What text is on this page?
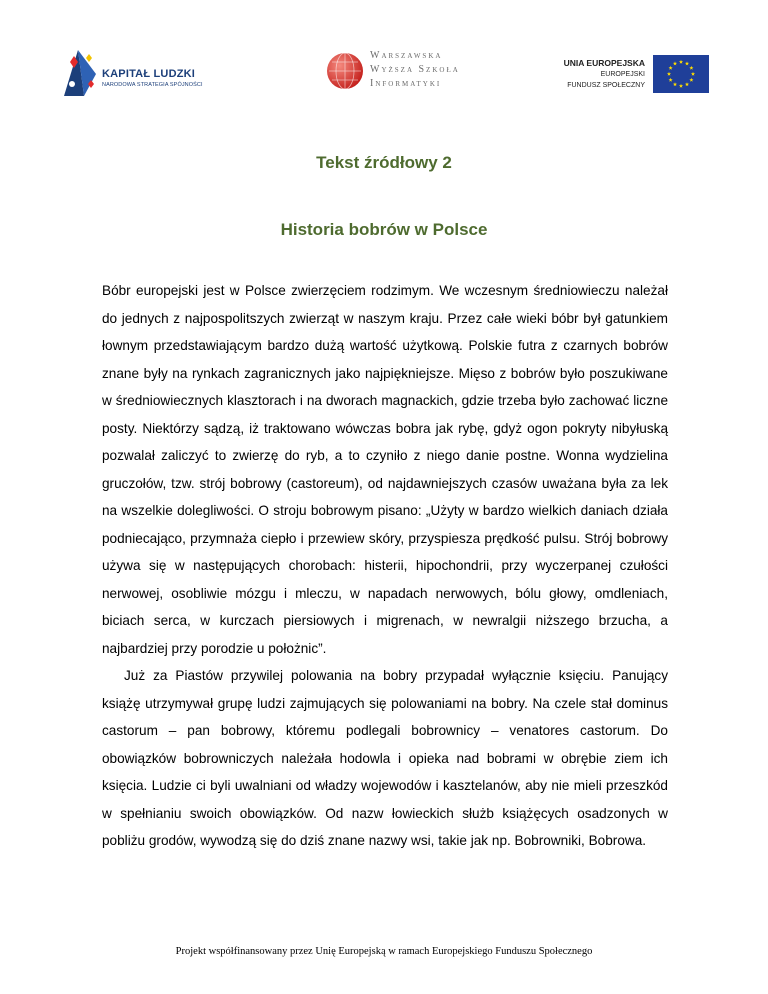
KAPITAŁ LUDZKI
NARODOWA STRATEGIA SPÓJNOŚCI
Warszawska
Wyższa Szkoła
Informatyki
UNIA EUROPEJSKA
EUROPEJSKI
FUNDUSZ SPOŁECZNY
Tekst źródłowy 2
Historia bobrów w Polsce

Bóbr europejski jest w Polsce zwierzęciem rodzimym. We wczesnym średniowieczu należał do jednych z najpospolitszych zwierząt w naszym kraju. Przez całe wieki bóbr był gatunkiem łownym przedstawiającym bardzo dużą wartość użytkową. Polskie futra z czarnych bobrów znane były na rynkach zagranicznych jako najpiękniejsze. Mięso z bobrów było poszukiwane w średniowiecznych klasztorach i na dworach magnackich, gdzie trzeba było zachować liczne posty. Niektórzy sądzą, iż traktowano wówczas bobra jak rybę, gdyż ogon pokryty nibyłuską pozwalał zaliczyć to zwierzę do ryb, a to czyniło z niego danie postne. Wonna wydzielina gruczołów, tzw. strój bobrowy (castoreum), od najdawniejszych czasów uważana była za lek na wszelkie dolegliwości. O stroju bobrowym pisano: „Użyty w bardzo wielkich daniach działa podniecająco, przymnaża ciepło i przewiew skóry, przyspiesza prędkość pulsu. Strój bobrowy używa się w następujących chorobach: histerii, hipochondrii, przy wyczerpanej czułości nerwowej, osobliwie mózgu i mleczu, w napadach nerwowych, bólu głowy, omdleniach, biciach serca, w kurczach piersiowych i migrenach, w newralgii niższego brzucha, a najbardziej przy porodzie u położnic”.

Już za Piastów przywilej polowania na bobry przypadał wyłącznie księciu. Panujący książę utrzymywał grupę ludzi zajmujących się polowaniami na bobry. Na czele stał dominus castorum – pan bobrowy, któremu podlegali bobrownicy – venatores castorum. Do obowiązków bobrowniczych należała hodowla i opieka nad bobrami w obrębie ziem ich księcia. Ludzie ci byli uwalniani od władzy wojewodów i kasztelanów, aby nie mieli przeszkód w spełnianiu swoich obowiązków. Od nazw łowieckich służb książęcych osadzonych w pobliżu grodów, wywodzą się do dziś znane nazwy wsi, takie jak np. Bobrowniki, Bobrowa.

Projekt współfinansowany przez Unię Europejską w ramach Europejskiego Funduszu Społecznego
